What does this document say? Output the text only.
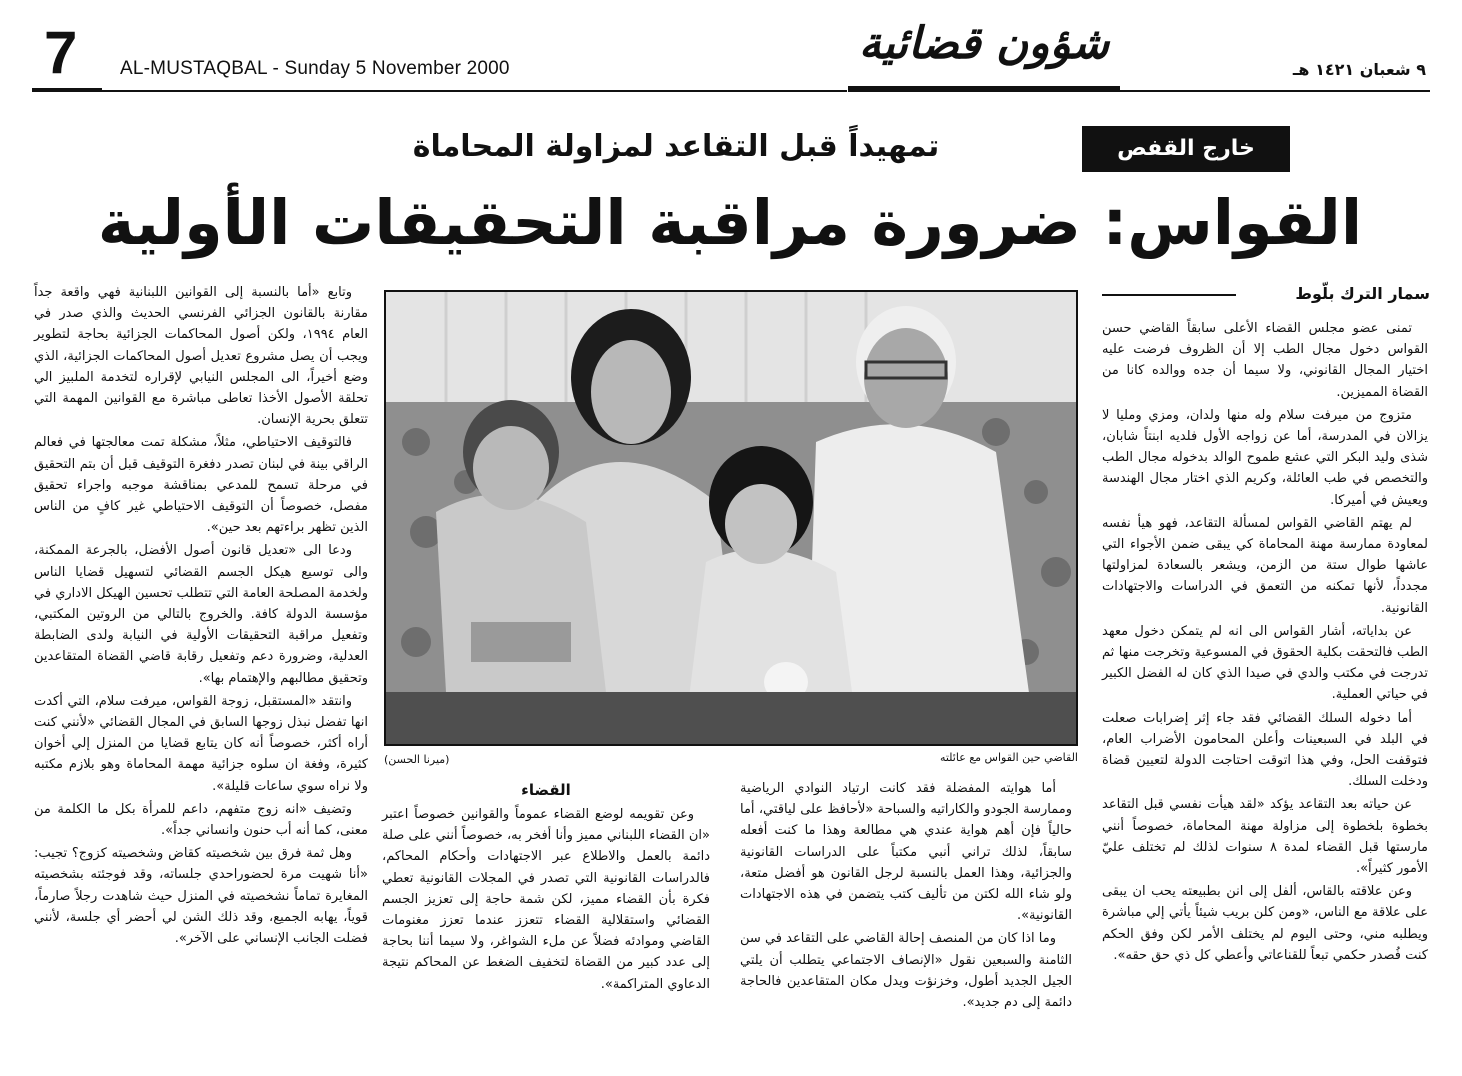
7 AL-MUSTAQBAL - Sunday 5 November 2000	شؤون قضائية
٩ شعبان ١٤٢١ هـ
خارج القفص
تمهيداً قبل التقاعد لمزاولة المحاماة
القواس: ضرورة مراقبة التحقيقات الأولية
سمار الترك بلّوط

تمنى عضو مجلس القضاء الأعلى سابقاً القاضي حسن القواس دخول مجال الطب إلا أن الظروف فرضت عليه اختيار المجال القانوني، ولا سيما أن جده ووالده كانا من القضاة المميزين.

متزوج من ميرفت سلام وله منها ولدان، ومزي ومليا لا يزالان في المدرسة، أما عن زواجه الأول فلديه ابنتاً شابان، شذى وليد البكر التي عشع طموح الوالد بدخوله مجال الطب والتخصص في طب العائلة، وكريم الذي اختار مجال الهندسة ويعيش في أميركا.

لم يهتم القاضي القواس لمسألة التقاعد، فهو هيأ نفسه لمعاودة ممارسة مهنة المحاماة كي يبقى ضمن الأجواء التي عاشها طوال ستة من الزمن، ويشعر بالسعادة لمزاولتها مجدداً، لأنها تمكنه من التعمق في الدراسات والاجتهادات القانونية.

عن بداياته، أشار القواس الى انه لم يتمكن دخول معهد الطب فالتحقت بكلية الحقوق في المسوعية وتخرجت منها ثم تدرجت في مكتب والدي في صيدا الذي كان له الفضل الكبير في حياتي العملية.

أما دخوله السلك القضائي فقد جاء إثر إضرابات صعلت في البلد في السبعينات وأعلن المحامون الأضراب العام، فتوقفت الحل، وفي هذا اتوقت احتاجت الدولة لتعيين قضاة ودخلت السلك.

عن حياته بعد التقاعد يؤكد «لقد هيأت نفسي قبل التقاعد بخطوة بلخطوة إلى مزاولة مهنة المحاماة، خصوصاً أنني مارستها قبل القضاء لمدة ٨ سنوات لذلك لم تختلف عليّ الأمور كثيراً».

وعن علاقته بالقاس، ألفل إلى انن بطبيعته يحب ان يبقى على علاقة مع الناس، «ومن كلن بريب شيئاً يأتي إلي مباشرة ويطلبه مني، وحتى اليوم لم يختلف الأمر لكن وفق الحكم كنت فُصدر حكمي تبعاً للقناعاتي وأعطي كل ذي حق حقه».

القاضي حين القواس مع عائلته
(ميرنا الحسن)

وتابع «أما بالنسبة إلى القوانين اللبنانية فهي واقعة جداً مقارنة بالقانون الجزائي الفرنسي الحديث والذي صدر في العام ١٩٩٤، ولكن أصول المحاكمات الجزائية بحاجة لتطوير ويجب أن يصل مشروع تعديل أصول المحاكمات الجزائية، الذي وضع أخيراً، الى المجلس النيابي لإقراره لتخدمة الملبيز الي تحلقة الأصول الأخذا تعاطى مباشرة مع القوانين المهمة التي تتعلق بحرية الإنسان.

فالتوقيف الاحتياطي، مثلاً، مشكلة تمت معالجتها في فعالم الراقي بينة في لبنان تصدر دفغرة التوقيف قبل أن بتم التحقيق في مرحلة تسمح للمدعي بمناقشة موجبه واجراء تحقيق مفصل، خصوصاً أن التوقيف الاحتياطي غير كافٍ من الناس الذين تظهر براءتهم بعد حين».

ودعا الى «تعديل قانون أصول الأفضل، بالجرعة الممكنة، والى توسيع هيكل الجسم القضائي لتسهيل قضايا الناس ولخدمة المصلحة العامة التي تتطلب تحسين الهيكل الاداري في مؤسسة الدولة كافة. والخروج بالتالي من الروتين المكتبي، وتفعيل مراقبة التحقيقات الأولية في النيابة ولدى الضابطة العدلية، وضرورة دعم وتفعيل رقابة قاضي القضاة المتقاعدين وتحقيق مطالبهم والإهتمام بها».

وانتقد «المستقبل، زوجة القواس، ميرفت سلام، التي أكدت انها تفضل نبذل زوجها السابق في المجال القضائي «لأنني كنت أراه أكثر، خصوصاً أنه كان يتابع قضايا من المنزل إلي أخوان كثيرة، وفغة ان سلوه جزائية مهمة المحاماة وهو بلازم مكتبه ولا نراه سوي ساعات قليلة».

وتضيف «انه زوج متفهم، داعم للمرأة بكل ما الكلمة من معنى، كما أنه أب حنون وانساني جداً».

وهل ثمة فرق بين شخصيته كقاض وشخصيته كزوج؟ تجيب: «أنا شهيت مرة لحضوراحدي جلساته، وقد فوجئته بشخصيته المغايرة تماماً نشخصيته في المنزل حيث شاهدت رجلاً صارماً، قوياً، يهابه الجميع، وقد ذلك الشن لي أحضر أي جلسة، لأنني فضلت الجانب الإنساني على الآخر».

أما هوايته المفضلة فقد كانت ارتياد النوادي الرياضية وممارسة الجودو والكاراتيه والسباحة «لأحافظ على لياقتي، أما حالياً فإن أهم هواية عندي هي مطالعة وهذا ما كنت أفعله سابقاً، لذلك تراني أنبي مكتباً على الدراسات القانونية والجزائية، وهذا العمل بالنسبة لرجل القانون هو أفضل متعة، ولو شاء الله لكتن من تأليف كتب يتضمن في هذه الاجتهادات القانونية».

وما اذا كان من المنصف إحالة القاضي على التقاعد في سن الثامنة والسبعين نقول «الإنصاف الاجتماعي يتطلب أن يلتي الجيل الجديد أطول، وخزنؤت ويدل مكان المتقاعدين فالحاجة دائمة إلى دم جديد».

القضاء

وعن تقويمه لوضع القضاء عموماً والقوانين خصوصاً اعتبر «ان القضاء اللبناني مميز وأنا أفخر به، خصوصاً أنني على صلة دائمة بالعمل والاطلاع عبر الاجتهادات وأحكام المحاكم، فالدراسات القانونية التي تصدر في المجلات القانونية تعطي فكرة بأن القضاء مميز، لكن شمة حاجة إلى تعزيز الجسم القضائي واستقلالية القضاء تتعزز عندما تعزز مغنومات القاضي وموادئه فضلاً عن ملء الشواغر، ولا سيما أننا بحاجة إلى عدد كبير من القضاة لتخفيف الضغط عن المحاكم نتيجة الدعاوي المتراكمة».
